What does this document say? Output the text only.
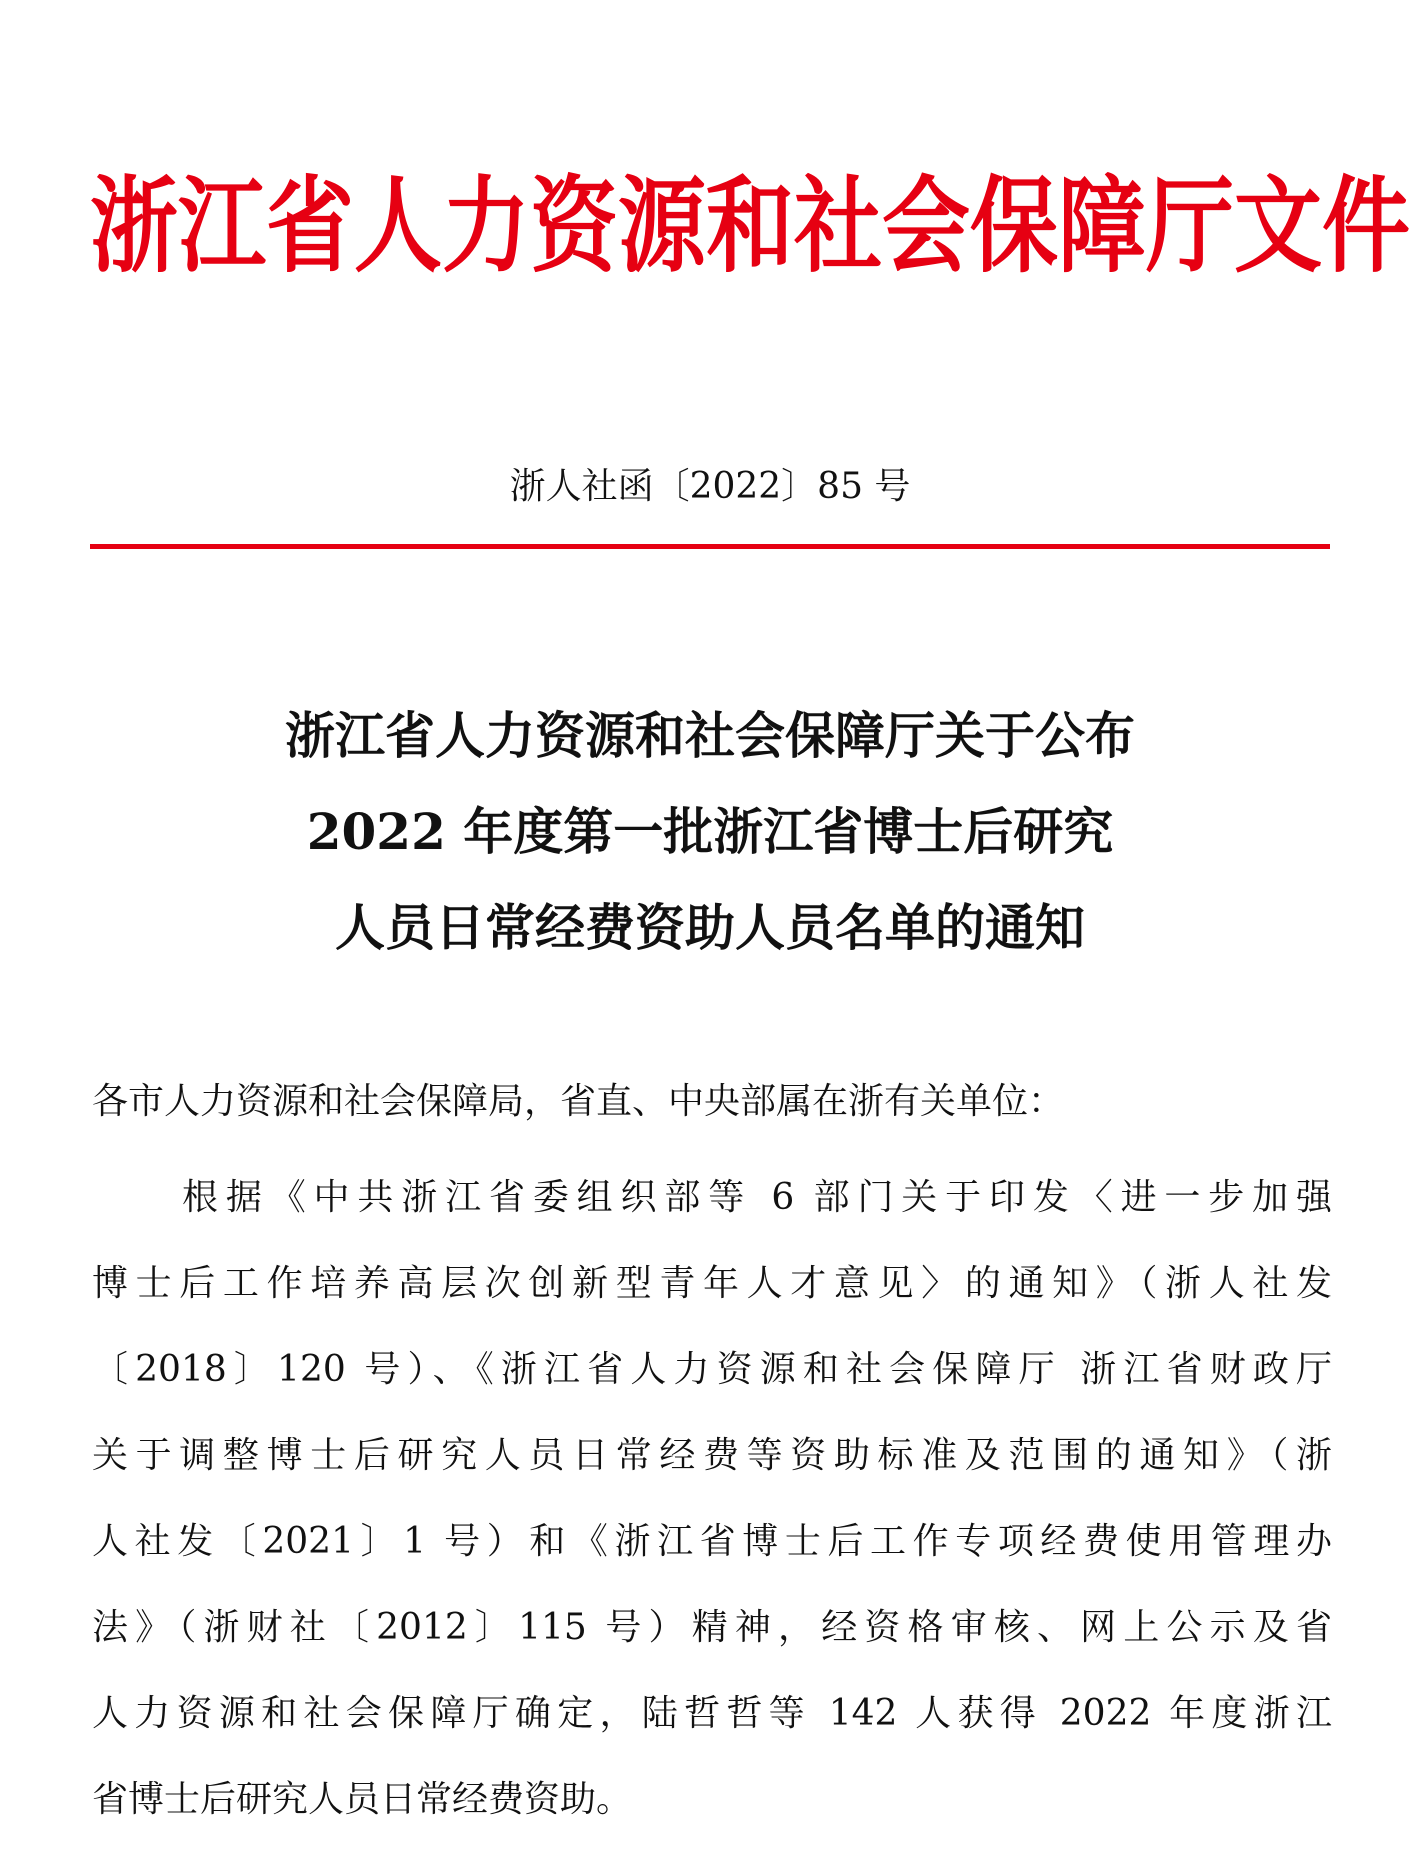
浙江省人力资源和社会保障厅文件
浙人社函〔2022〕85 号
浙江省人力资源和社会保障厅关于公布
2022 年度第一批浙江省博士后研究
人员日常经费资助人员名单的通知
各市人力资源和社会保障局，省直、中央部属在浙有关单位：
根据《中共浙江省委组织部等 6 部门关于印发〈进一步加强
博士后工作培养高层次创新型青年人才意见〉的通知》（浙人社发
〔2018〕120 号）、《浙江省人力资源和社会保障厅 浙江省财政厅
关于调整博士后研究人员日常经费等资助标准及范围的通知》（浙
人社发〔2021〕1 号）和《浙江省博士后工作专项经费使用管理办
法》（浙财社〔2012〕115 号）精神，经资格审核、网上公示及省
人力资源和社会保障厅确定，陆哲哲等 142 人获得 2022 年度浙江
省博士后研究人员日常经费资助。
